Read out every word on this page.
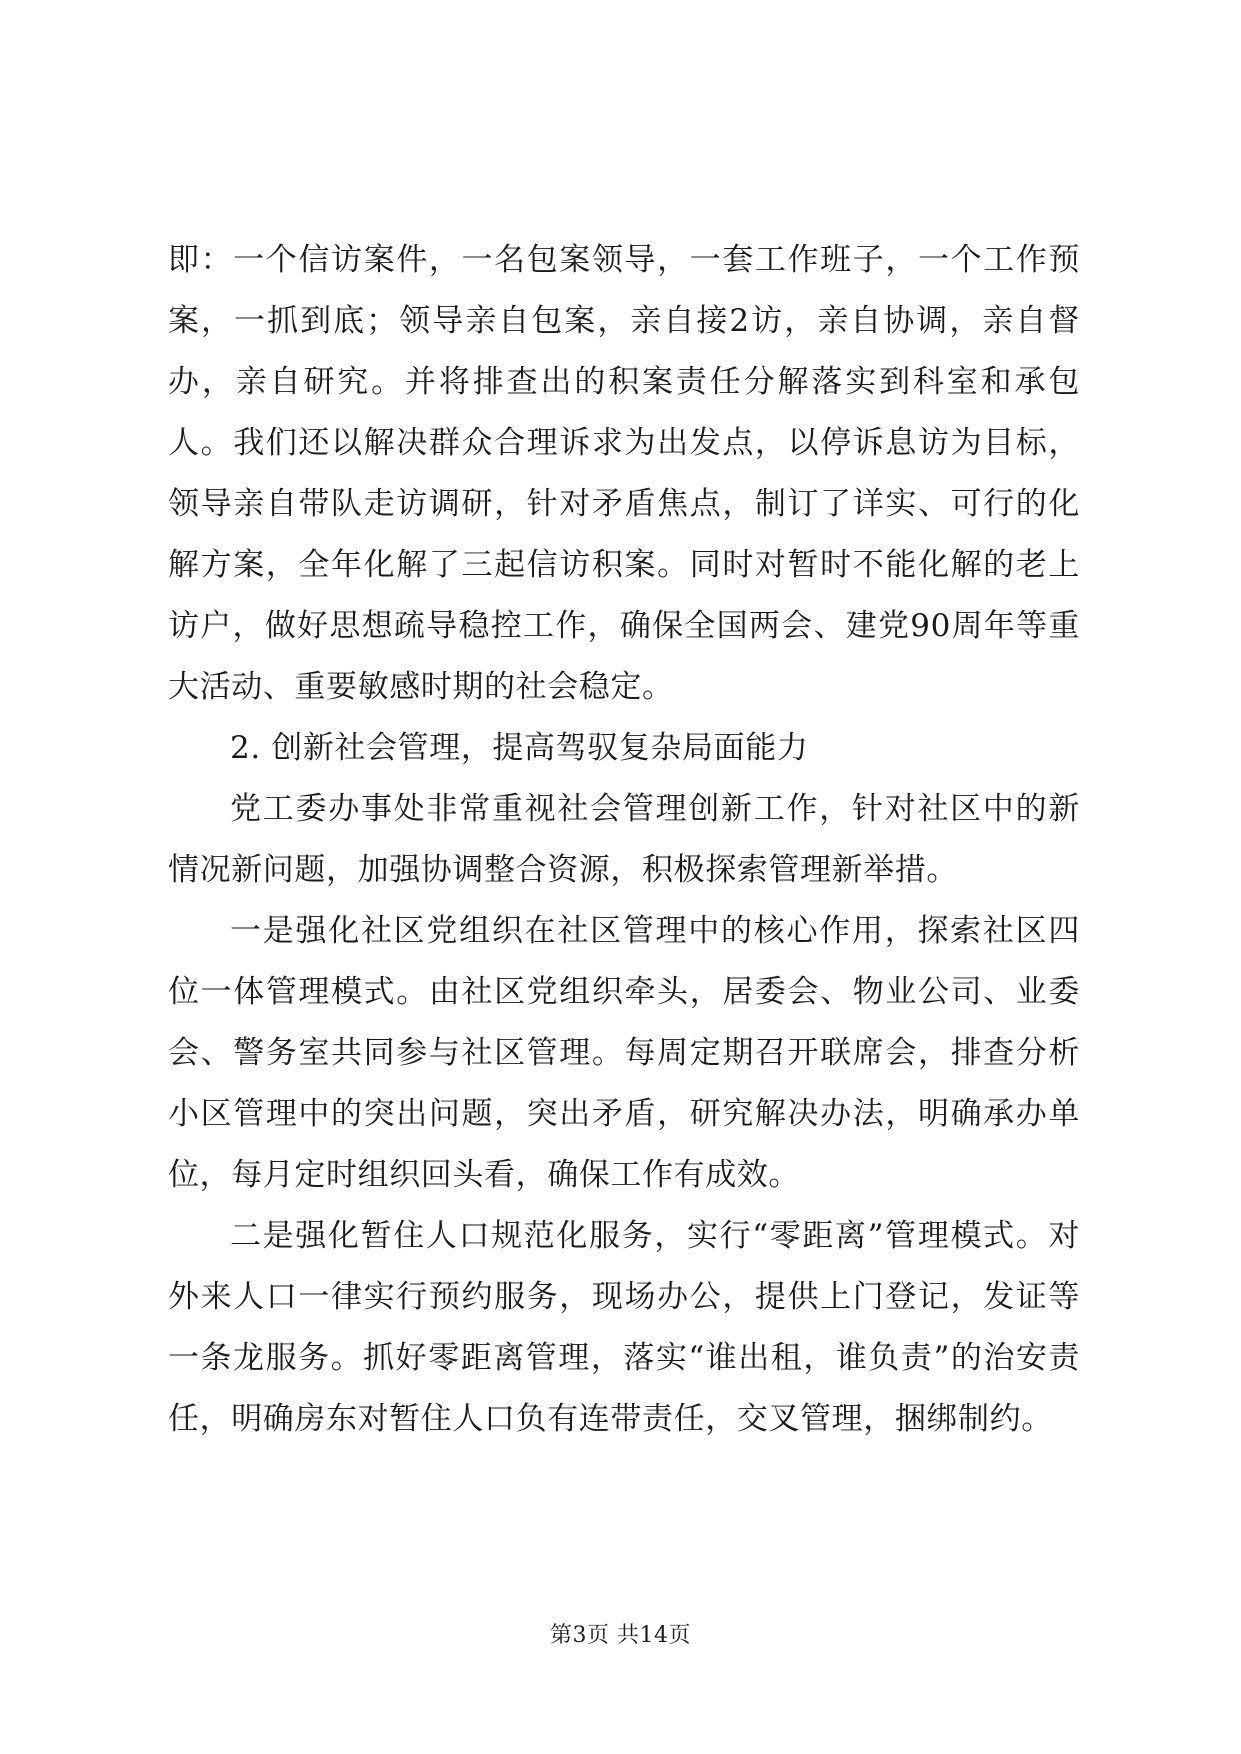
即：一个信访案件，一名包案领导，一套工作班子，一个工作预案，一抓到底；领导亲自包案，亲自接2访，亲自协调，亲自督办，亲自研究。并将排查出的积案责任分解落实到科室和承包人。我们还以解决群众合理诉求为出发点，以停诉息访为目标，领导亲自带队走访调研，针对矛盾焦点，制订了详实、可行的化解方案，全年化解了三起信访积案。同时对暂时不能化解的老上访户，做好思想疏导稳控工作，确保全国两会、建党90周年等重大活动、重要敏感时期的社会稳定。

2. 创新社会管理，提高驾驭复杂局面能力

党工委办事处非常重视社会管理创新工作，针对社区中的新情况新问题，加强协调整合资源，积极探索管理新举措。

一是强化社区党组织在社区管理中的核心作用，探索社区四位一体管理模式。由社区党组织牵头，居委会、物业公司、业委会、警务室共同参与社区管理。每周定期召开联席会，排查分析小区管理中的突出问题，突出矛盾，研究解决办法，明确承办单位，每月定时组织回头看，确保工作有成效。

二是强化暂住人口规范化服务，实行“零距离”管理模式。对外来人口一律实行预约服务，现场办公，提供上门登记，发证等一条龙服务。抓好零距离管理，落实“谁出租，谁负责”的治安责任，明确房东对暂住人口负有连带责任，交叉管理，捆绑制约。

第3页 共14页
